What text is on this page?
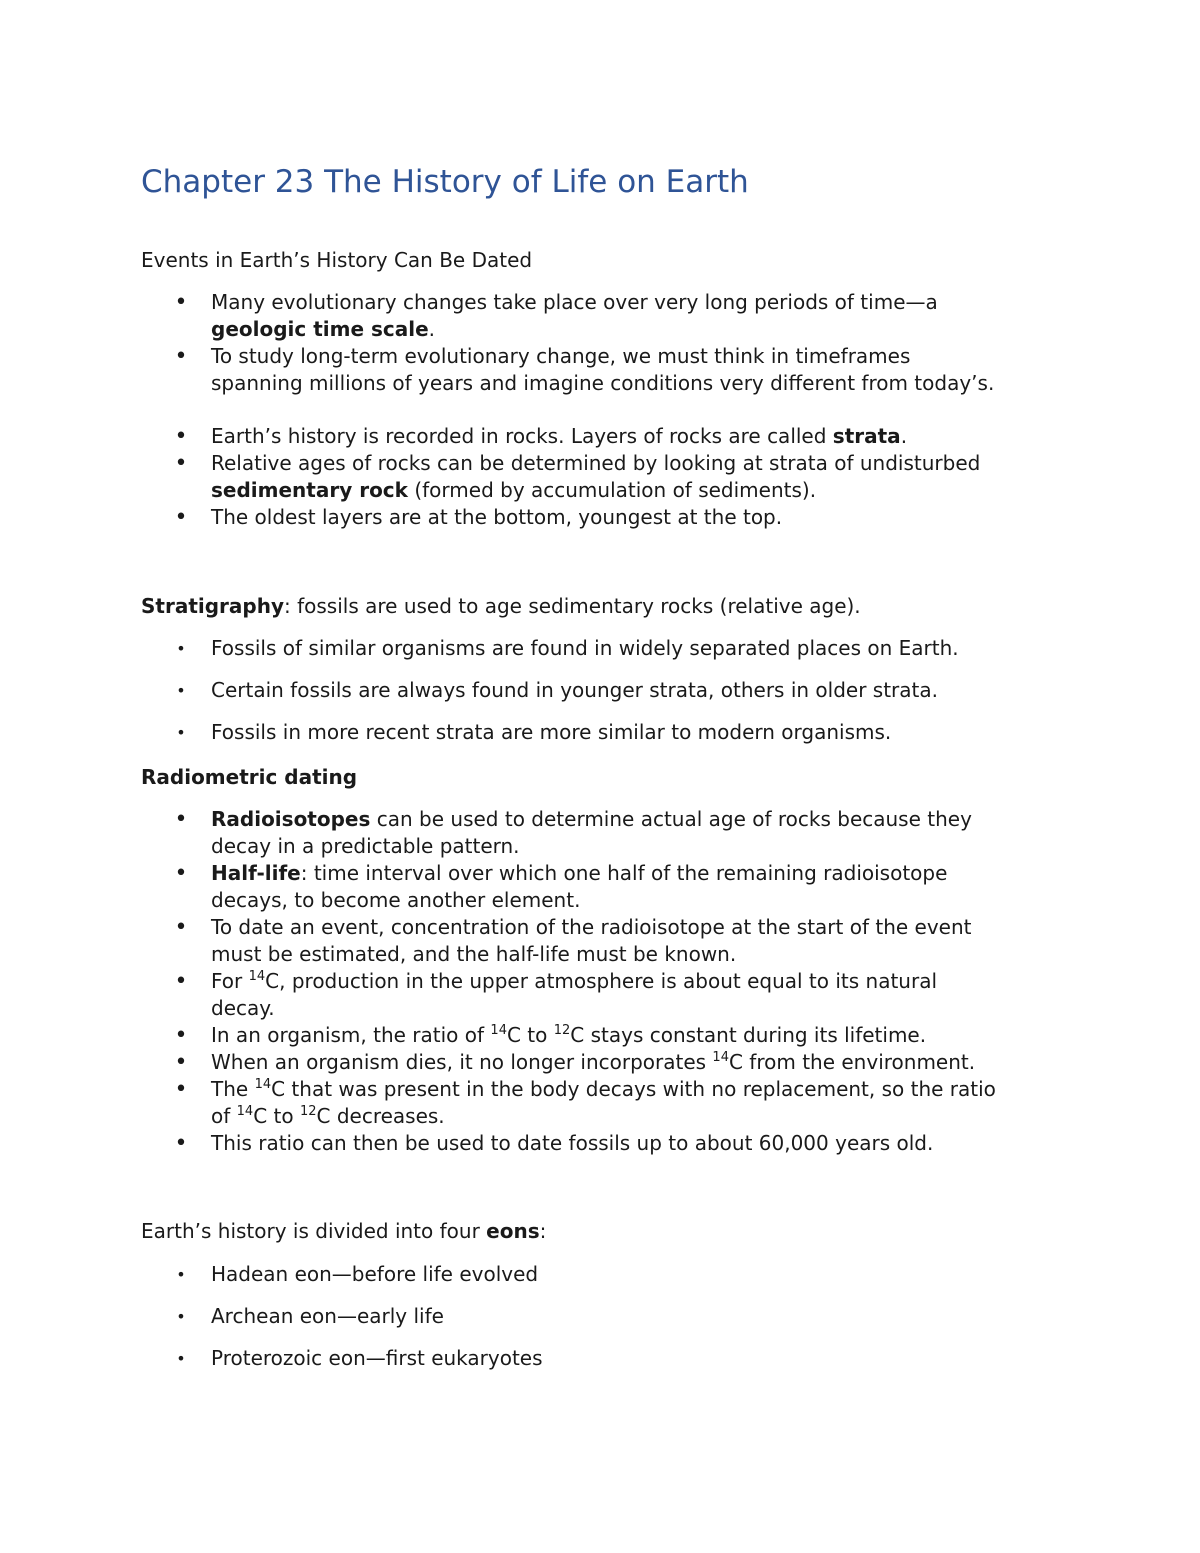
Chapter 23 The History of Life on Earth

Events in Earth’s History Can Be Dated

• Many evolutionary changes take place over very long periods of time—a
geologic time scale.
• To study long-term evolutionary change, we must think in timeframes
spanning millions of years and imagine conditions very different from today’s.
• Earth’s history is recorded in rocks. Layers of rocks are called strata.
• Relative ages of rocks can be determined by looking at strata of undisturbed
sedimentary rock (formed by accumulation of sediments).
• The oldest layers are at the bottom, youngest at the top.

Stratigraphy: fossils are used to age sedimentary rocks (relative age).

• Fossils of similar organisms are found in widely separated places on Earth.
• Certain fossils are always found in younger strata, others in older strata.
• Fossils in more recent strata are more similar to modern organisms.

Radiometric dating

• Radioisotopes can be used to determine actual age of rocks because they
decay in a predictable pattern.
• Half-life: time interval over which one half of the remaining radioisotope
decays, to become another element.
• To date an event, concentration of the radioisotope at the start of the event
must be estimated, and the half-life must be known.
• For $^{14}$C, production in the upper atmosphere is about equal to its natural
decay.
• In an organism, the ratio of $^{14}$C to $^{12}$C stays constant during its lifetime.
• When an organism dies, it no longer incorporates $^{14}$C from the environment.
• The $^{14}$C that was present in the body decays with no replacement, so the ratio
of $^{14}$C to $^{12}$C decreases.
• This ratio can then be used to date fossils up to about 60,000 years old.

Earth’s history is divided into four eons:

• Hadean eon—before life evolved
• Archean eon—early life
• Proterozoic eon—first eukaryotes
